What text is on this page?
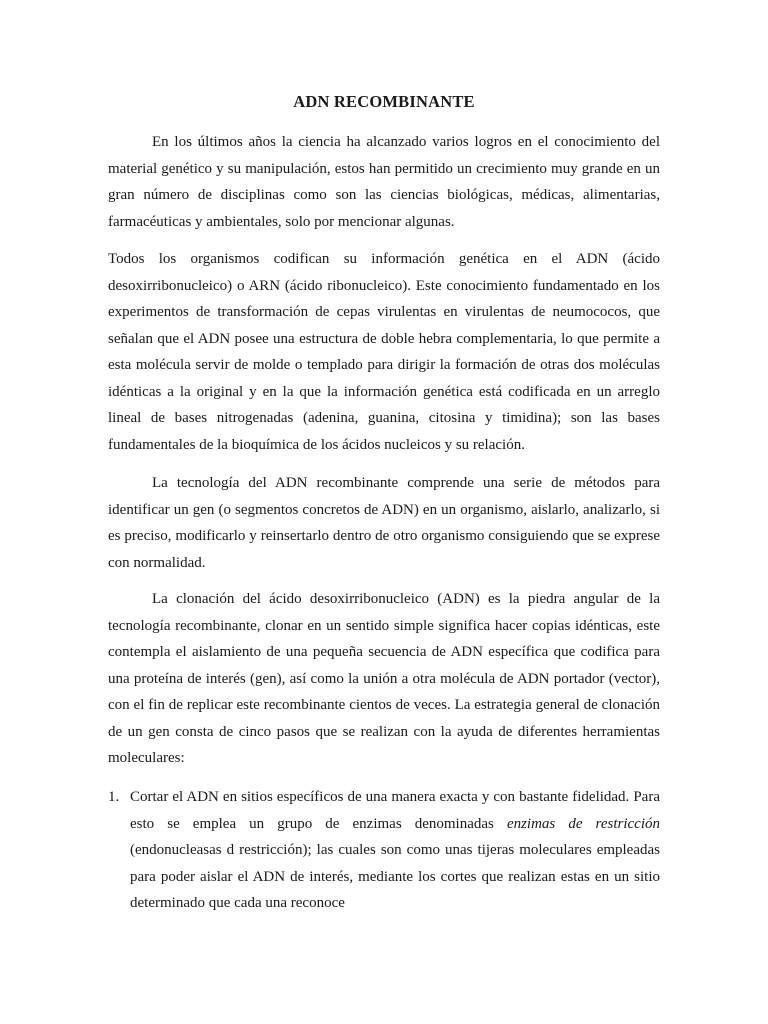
ADN RECOMBINANTE

En los últimos años la ciencia ha alcanzado varios logros en el conocimiento del material genético y su manipulación, estos han permitido un crecimiento muy grande en un gran número de disciplinas como son las ciencias biológicas, médicas, alimentarias, farmacéuticas y ambientales, solo por mencionar algunas.

Todos los organismos codifican su información genética en el ADN (ácido desoxirribonucleico) o ARN (ácido ribonucleico). Este conocimiento fundamentado en los experimentos de transformación de cepas virulentas en virulentas de neumococos, que señalan que el ADN posee una estructura de doble hebra complementaria, lo que permite a esta molécula servir de molde o templado para dirigir la formación de otras dos moléculas idénticas a la original y en la que la información genética está codificada en un arreglo lineal de bases nitrogenadas (adenina, guanina, citosina y timidina); son las bases fundamentales de la bioquímica de los ácidos nucleicos y su relación.

La tecnología del ADN recombinante comprende una serie de métodos para identificar un gen (o segmentos concretos de ADN) en un organismo, aislarlo, analizarlo, si es preciso, modificarlo y reinsertarlo dentro de otro organismo consiguiendo que se exprese con normalidad.

La clonación del ácido desoxirribonucleico (ADN) es la piedra angular de la tecnología recombinante, clonar en un sentido simple significa hacer copias idénticas, este contempla el aislamiento de una pequeña secuencia de ADN específica que codifica para una proteína de interés (gen), así como la unión a otra molécula de ADN portador (vector), con el fin de replicar este recombinante cientos de veces. La estrategia general de clonación de un gen consta de cinco pasos que se realizan con la ayuda de diferentes herramientas moleculares:

1. Cortar el ADN en sitios específicos de una manera exacta y con bastante fidelidad. Para esto se emplea un grupo de enzimas denominadas enzimas de restricción (endonucleasas d restricción); las cuales son como unas tijeras moleculares empleadas para poder aislar el ADN de interés, mediante los cortes que realizan estas en un sitio determinado que cada una reconoce
